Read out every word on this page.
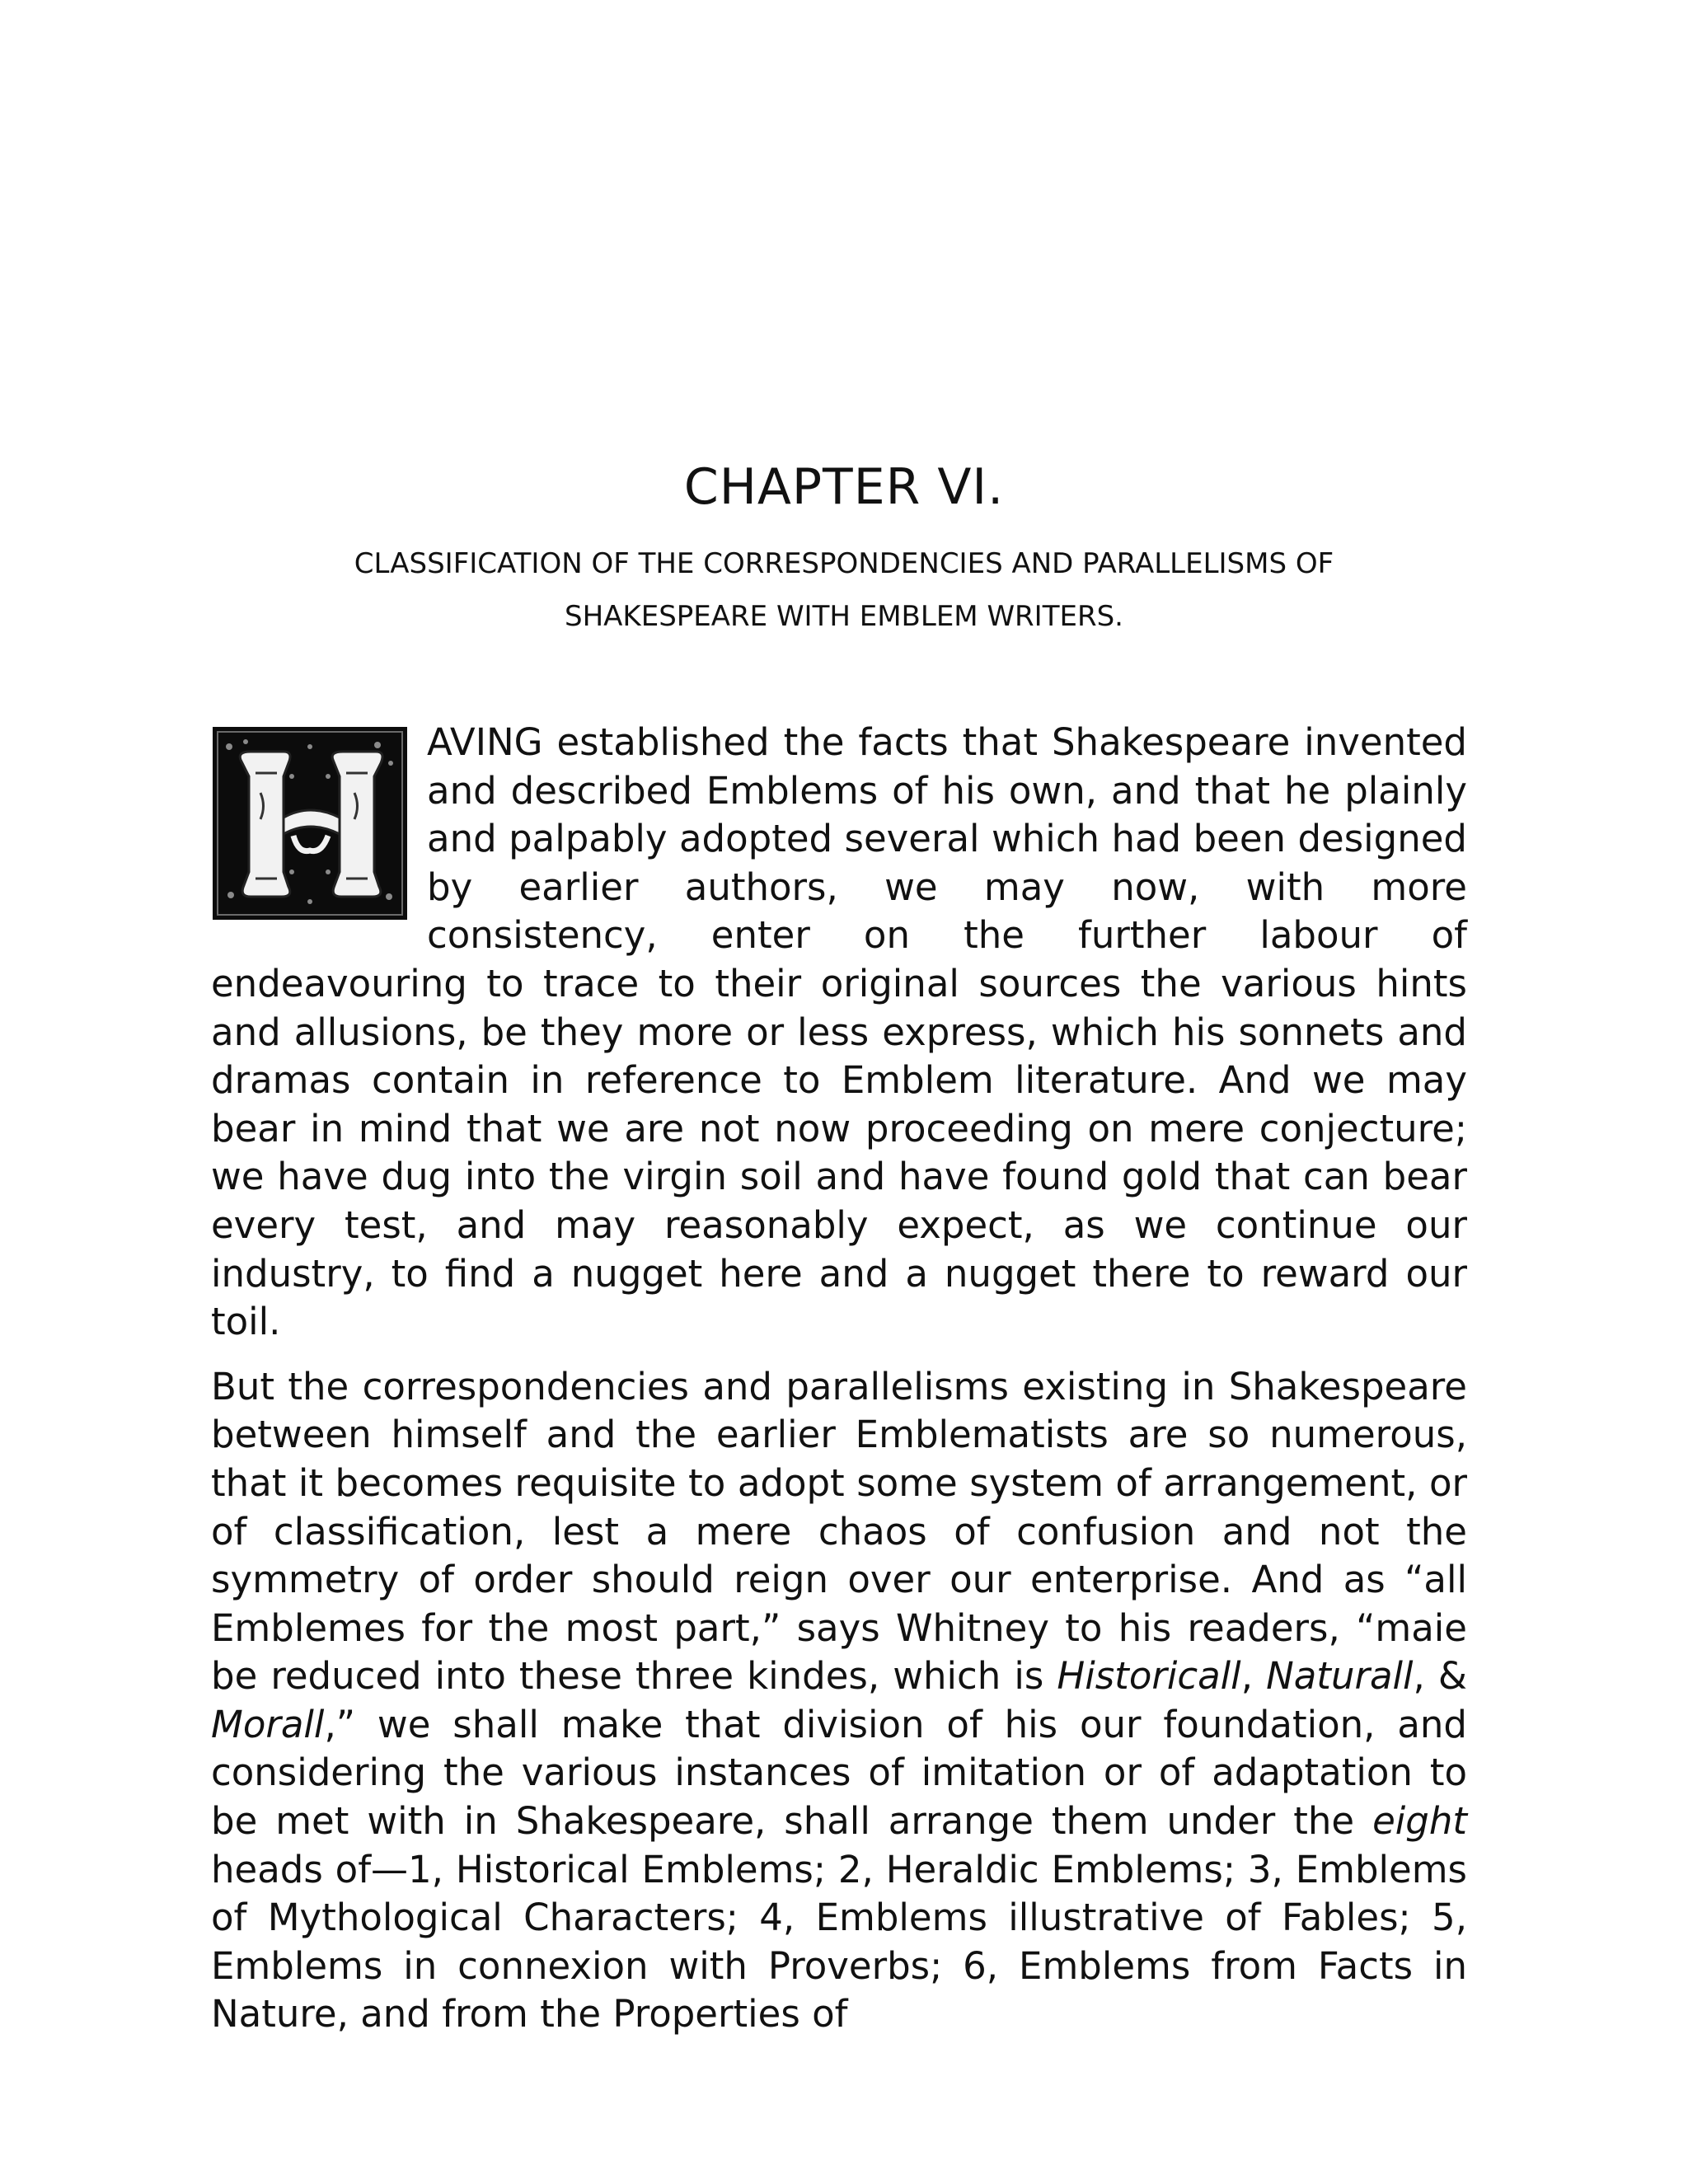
CHAPTER VI.
CLASSIFICATION OF THE CORRESPONDENCIES AND PARALLELISMS OF
SHAKESPEARE WITH EMBLEM WRITERS.

AVING established the facts that Shakespeare invented and described Emblems of his own, and that he plainly and palpably adopted several which had been designed by earlier authors, we may now, with more consistency, enter on the further labour of endeavouring to trace to their original sources the various hints and allusions, be they more or less express, which his sonnets and dramas contain in reference to Emblem literature. And we may bear in mind that we are not now proceeding on mere conjecture; we have dug into the virgin soil and have found gold that can bear every test, and may reasonably expect, as we continue our industry, to find a nugget here and a nugget there to reward our toil.

But the correspondencies and parallelisms existing in Shakespeare between himself and the earlier Emblematists are so numerous, that it becomes requisite to adopt some system of arrangement, or of classification, lest a mere chaos of confusion and not the symmetry of order should reign over our enterprise. And as “all Emblemes for the most part,” says Whitney to his readers, “maie be reduced into these three kindes, which is Historicall, Naturall, & Morall,” we shall make that division of his our foundation, and considering the various instances of imitation or of adaptation to be met with in Shakespeare, shall arrange them under the eight heads of—1, Historical Emblems; 2, Heraldic Emblems; 3, Emblems of Mythological Characters; 4, Emblems illustrative of Fables; 5, Emblems in connexion with Proverbs; 6, Emblems from Facts in Nature, and from the Properties of
